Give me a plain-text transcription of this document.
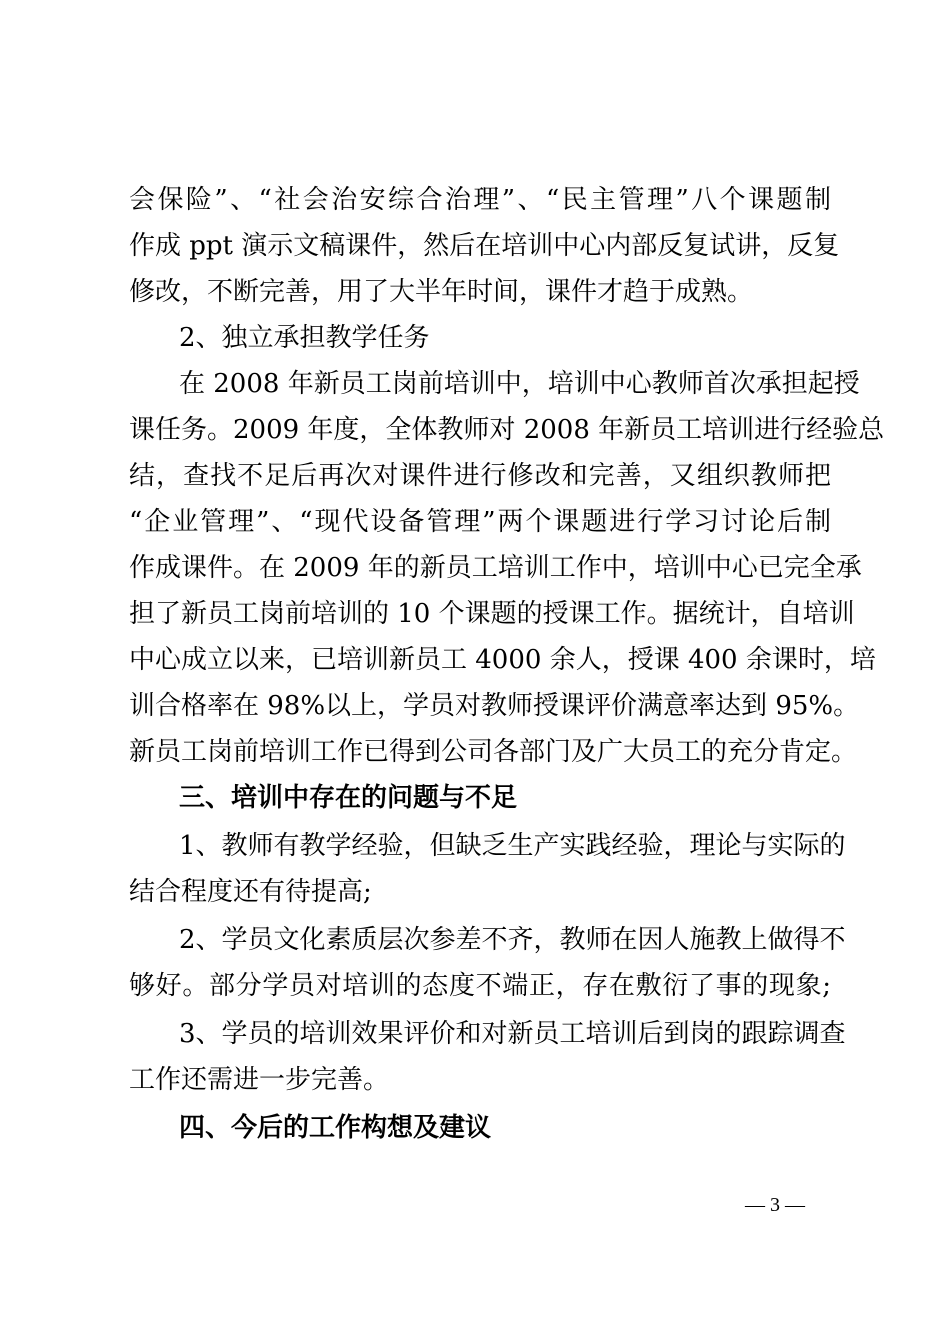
会保险”、“社会治安综合治理”、“民主管理”八个课题制
作成 ppt 演示文稿课件，然后在培训中心内部反复试讲，反复
修改，不断完善，用了大半年时间，课件才趋于成熟。
2、独立承担教学任务
在 2008 年新员工岗前培训中，培训中心教师首次承担起授
课任务。2009 年度，全体教师对 2008 年新员工培训进行经验总
结，查找不足后再次对课件进行修改和完善，又组织教师把
“企业管理”、“现代设备管理”两个课题进行学习讨论后制
作成课件。在 2009 年的新员工培训工作中，培训中心已完全承
担了新员工岗前培训的 10 个课题的授课工作。据统计，自培训
中心成立以来，已培训新员工 4000 余人，授课 400 余课时，培
训合格率在 98%以上，学员对教师授课评价满意率达到 95%。
新员工岗前培训工作已得到公司各部门及广大员工的充分肯定。
三、培训中存在的问题与不足
1、教师有教学经验，但缺乏生产实践经验，理论与实际的
结合程度还有待提高;
2、学员文化素质层次参差不齐，教师在因人施教上做得不
够好。部分学员对培训的态度不端正，存在敷衍了事的现象;
3、学员的培训效果评价和对新员工培训后到岗的跟踪调查
工作还需进一步完善。
四、今后的工作构想及建议
— 3 —
